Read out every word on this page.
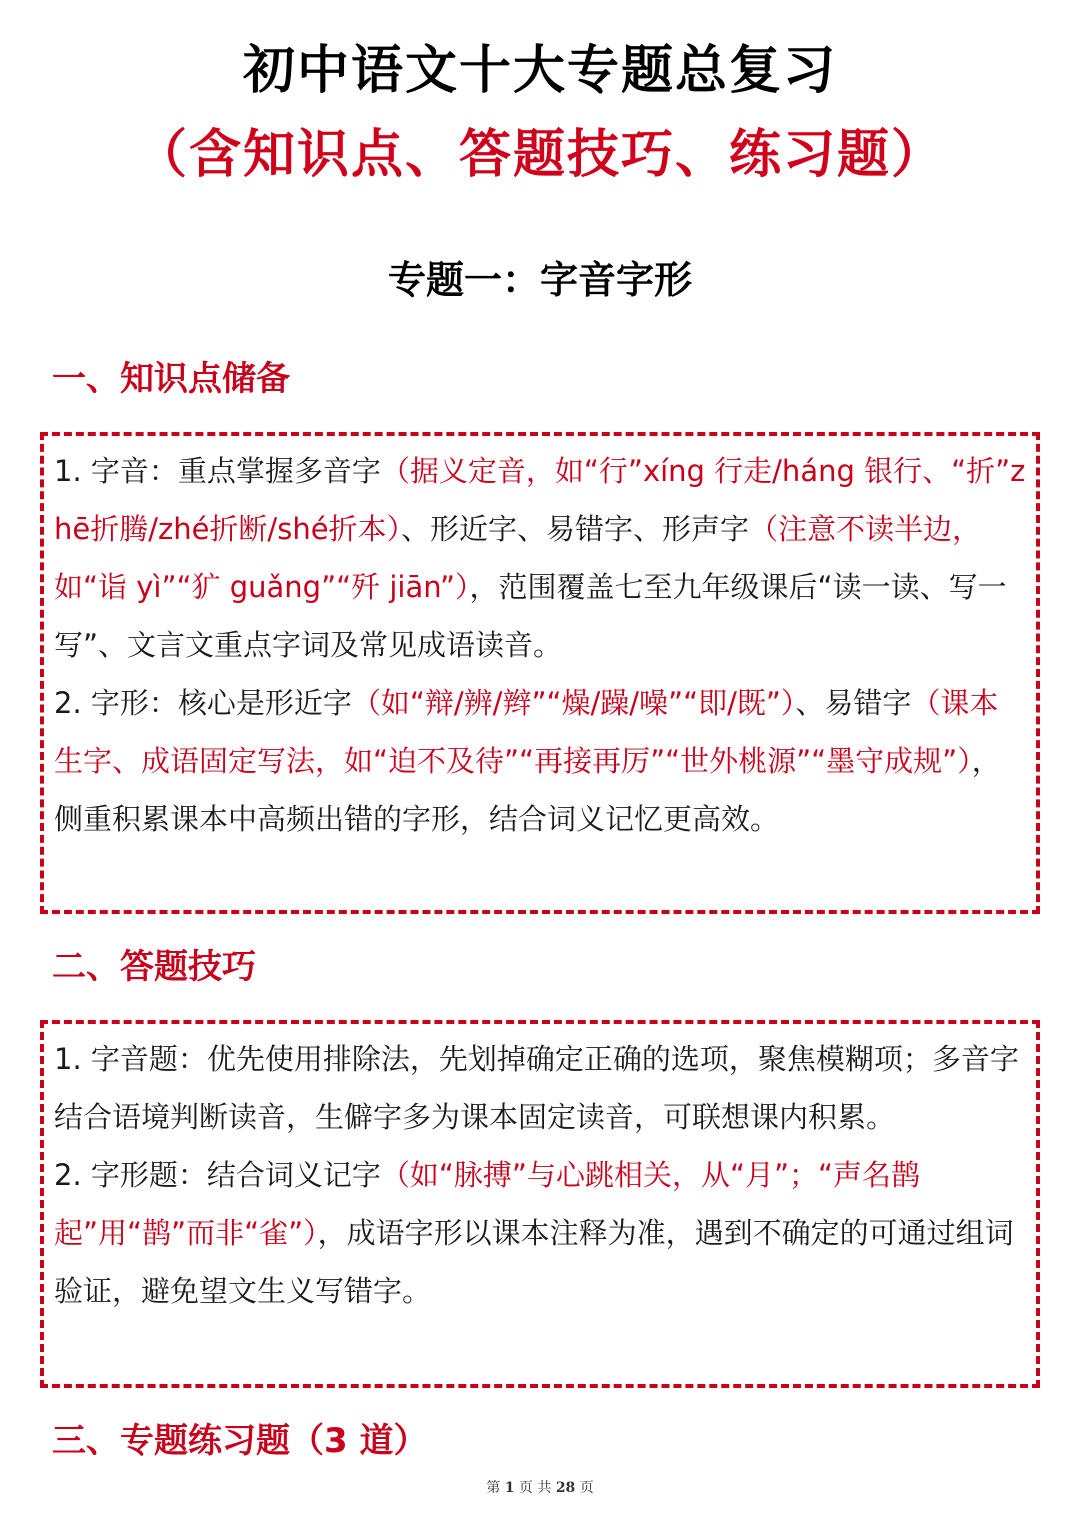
初中语文十大专题总复习
（含知识点、答题技巧、练习题）
专题一：字音字形
一、知识点储备

1. 字音：重点掌握多音字（据义定音，如“行”xíng 行走/háng 银行、“折”zhē折腾/zhé折断/shé折本）、形近字、易错字、形声字（注意不读半边，如“诣 yì”“犷 guǎng”“歼 jiān”），范围覆盖七至九年级课后“读一读、写一写”、文言文重点字词及常见成语读音。

2. 字形：核心是形近字（如“辩/辨/辫”“燥/躁/噪”“即/既”）、易错字（课本生字、成语固定写法，如“迫不及待”“再接再厉”“世外桃源”“墨守成规”），侧重积累课本中高频出错的字形，结合词义记忆更高效。

二、答题技巧

1. 字音题：优先使用排除法，先划掉确定正确的选项，聚焦模糊项；多音字结合语境判断读音，生僻字多为课本固定读音，可联想课内积累。

2. 字形题：结合词义记字（如“脉搏”与心跳相关，从“月”；“声名鹊起”用“鹊”而非“雀”），成语字形以课本注释为准，遇到不确定的可通过组词验证，避免望文生义写错字。

三、专题练习题（3 道）
第 1 页 共 28 页
